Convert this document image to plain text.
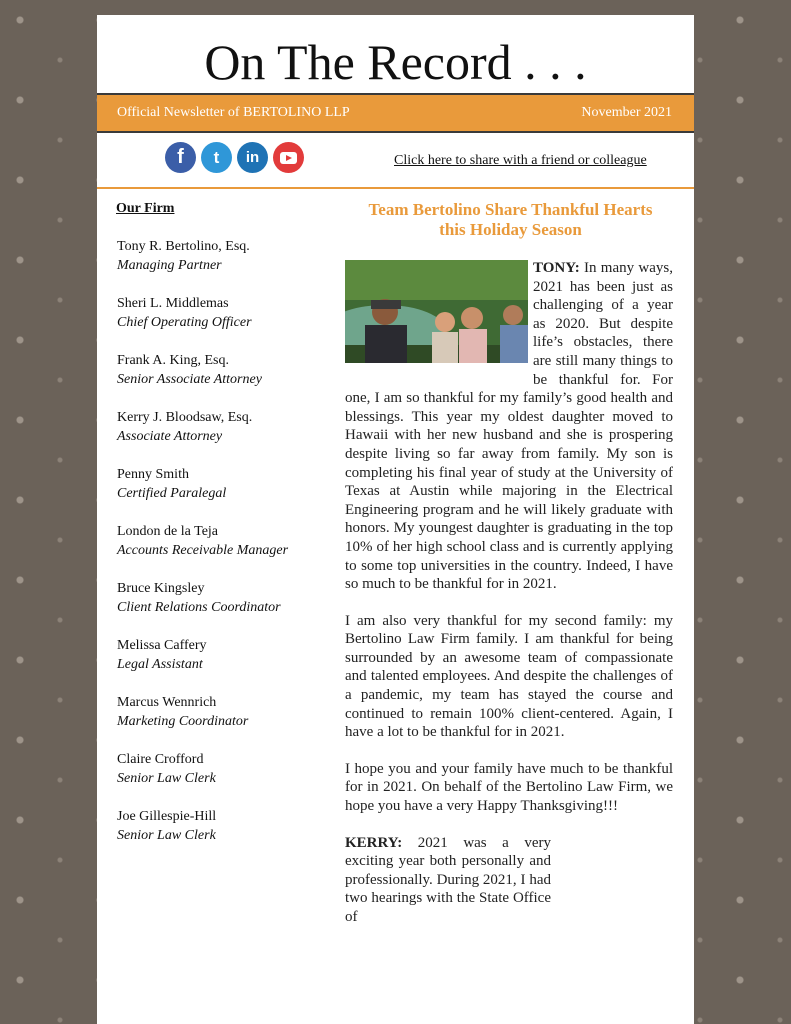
On The Record . . .
Official Newsletter of BERTOLINO LLP	November 2021
f	t	in	Click here to share with a friend or colleague
Our Firm
Tony R. Bertolino, Esq.
Managing Partner
Sheri L. Middlemas
Chief Operating Officer
Frank A. King, Esq.
Senior Associate Attorney
Kerry J. Bloodsaw, Esq.
Associate Attorney
Penny Smith
Certified Paralegal
London de la Teja
Accounts Receivable Manager
Bruce Kingsley
Client Relations Coordinator
Melissa Caffery
Legal Assistant
Marcus Wennrich
Marketing Coordinator
Claire Crofford
Senior Law Clerk
Joe Gillespie-Hill
Senior Law Clerk
Team Bertolino Share Thankful Hearts
this Holiday Season

TONY: In many ways, 2021 has been just as challenging of a year as 2020. But despite life’s obstacles, there are still many things to be thankful for. For one, I am so thankful for my family’s good health and blessings. This year my oldest daughter moved to Hawaii with her new husband and she is prospering despite living so far away from family. My son is completing his final year of study at the University of Texas at Austin while majoring in the Electrical Engineering program and he will likely graduate with honors. My youngest daughter is graduating in the top 10% of her high school class and is currently applying to some top universities in the country. Indeed, I have so much to be thankful for in 2021.

I am also very thankful for my second family: my Bertolino Law Firm family. I am thankful for being surrounded by an awesome team of compassionate and talented employees. And despite the challenges of a pandemic, my team has stayed the course and continued to remain 100% client-centered. Again, I have a lot to be thankful for in 2021.

I hope you and your family have much to be thankful for in 2021. On behalf of the Bertolino Law Firm, we hope you have a very Happy Thanksgiving!!!

KERRY: 2021 was a very exciting year both personally and professionally. During 2021, I had two hearings with the State Office of
